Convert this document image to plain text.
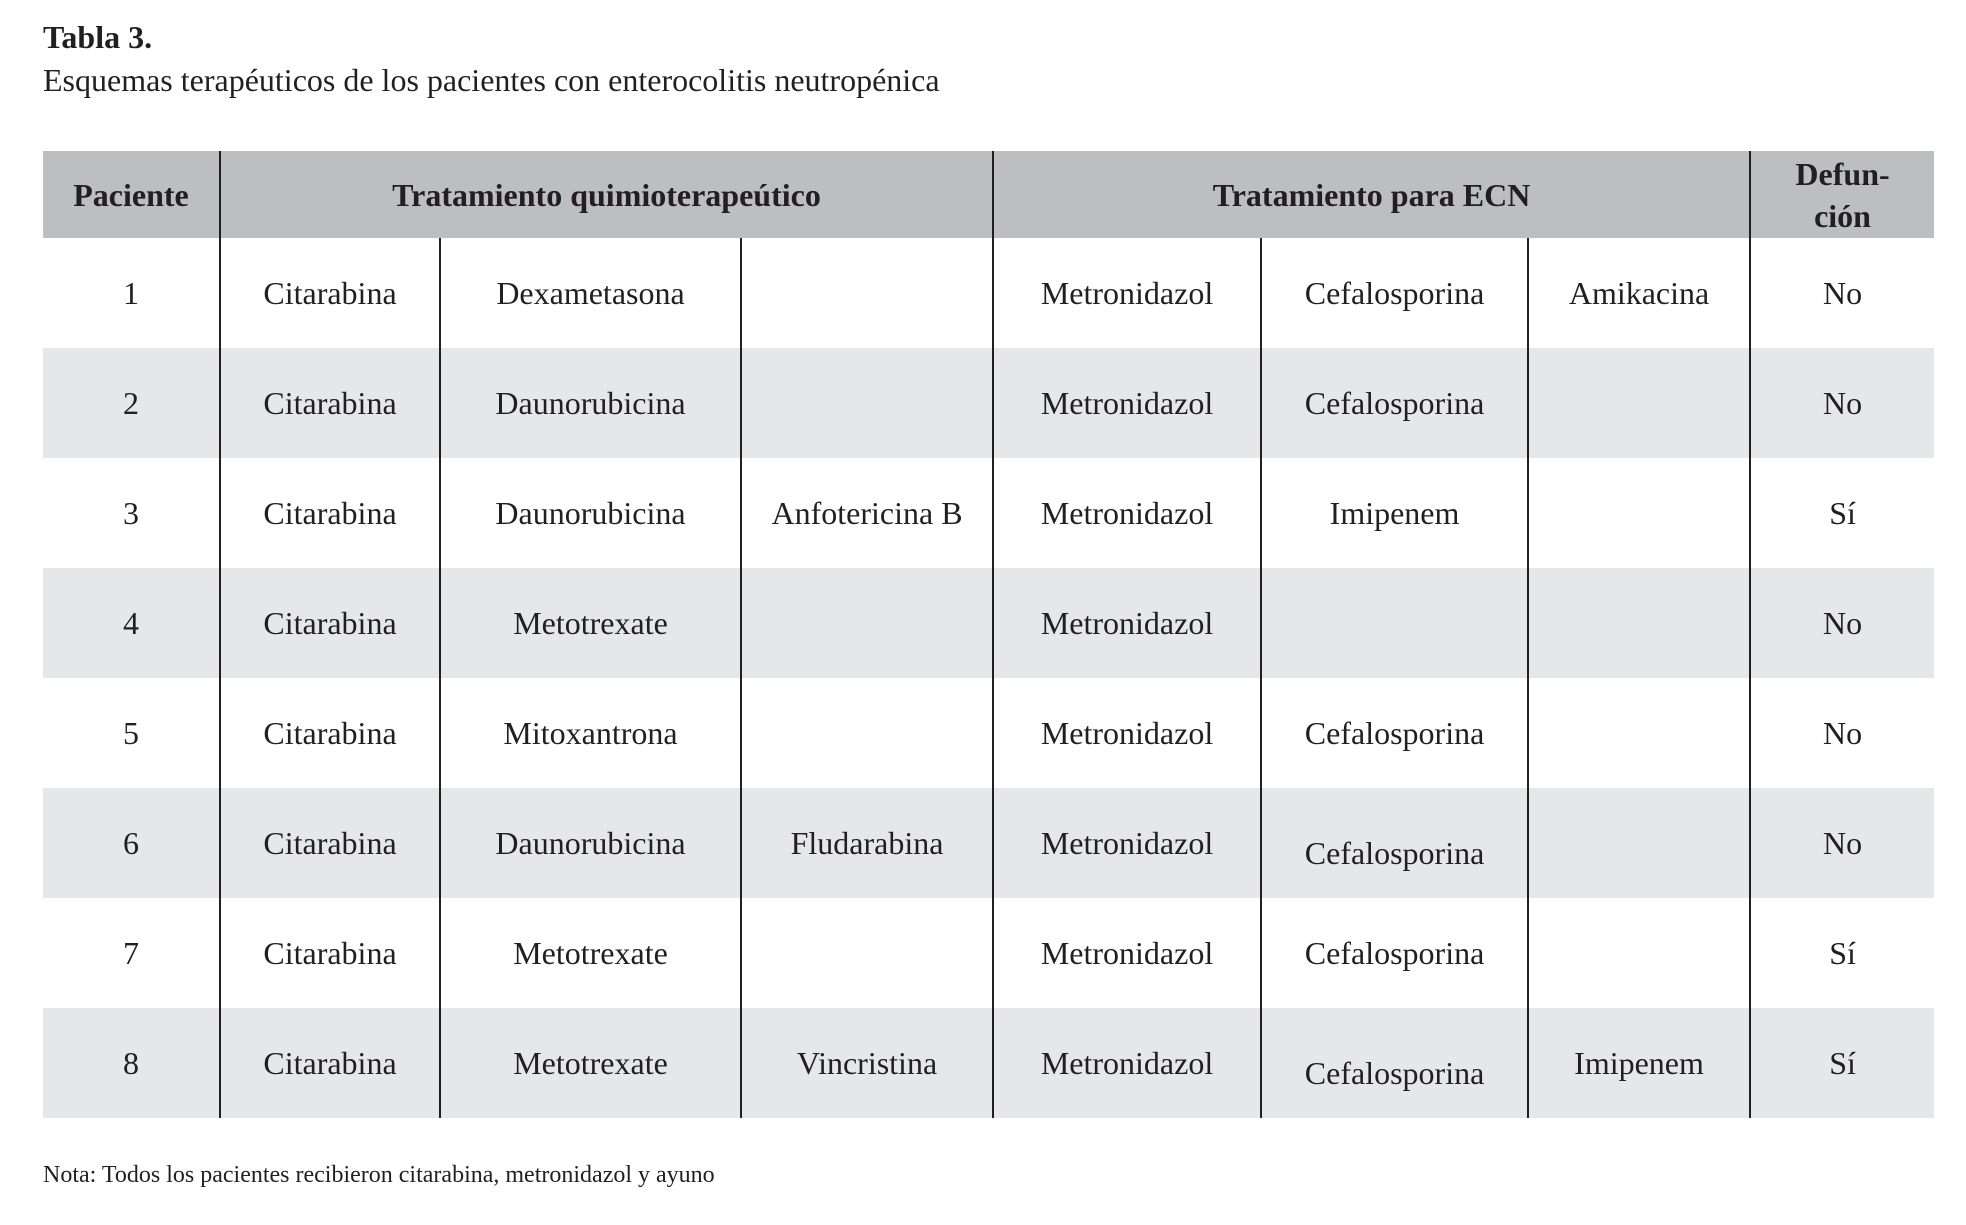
Tabla 3.
Esquemas terapéuticos de los pacientes con enterocolitis neutropénica
Paciente	Tratamiento quimioterapeútico			Tratamiento para ECN			Defun-
ción
1	Citarabina	Dexametasona		Metronidazol	Cefalosporina	Amikacina	No
2	Citarabina	Daunorubicina		Metronidazol	Cefalosporina		No
3	Citarabina	Daunorubicina	Anfotericina B	Metronidazol	Imipenem		Sí
4	Citarabina	Metotrexate		Metronidazol			No
5	Citarabina	Mitoxantrona		Metronidazol	Cefalosporina		No
6	Citarabina	Daunorubicina	Fludarabina	Metronidazol	Cefalosporina		No
7	Citarabina	Metotrexate		Metronidazol	Cefalosporina		Sí
8	Citarabina	Metotrexate	Vincristina	Metronidazol	Cefalosporina	Imipenem	Sí
Nota: Todos los pacientes recibieron citarabina, metronidazol y ayuno
